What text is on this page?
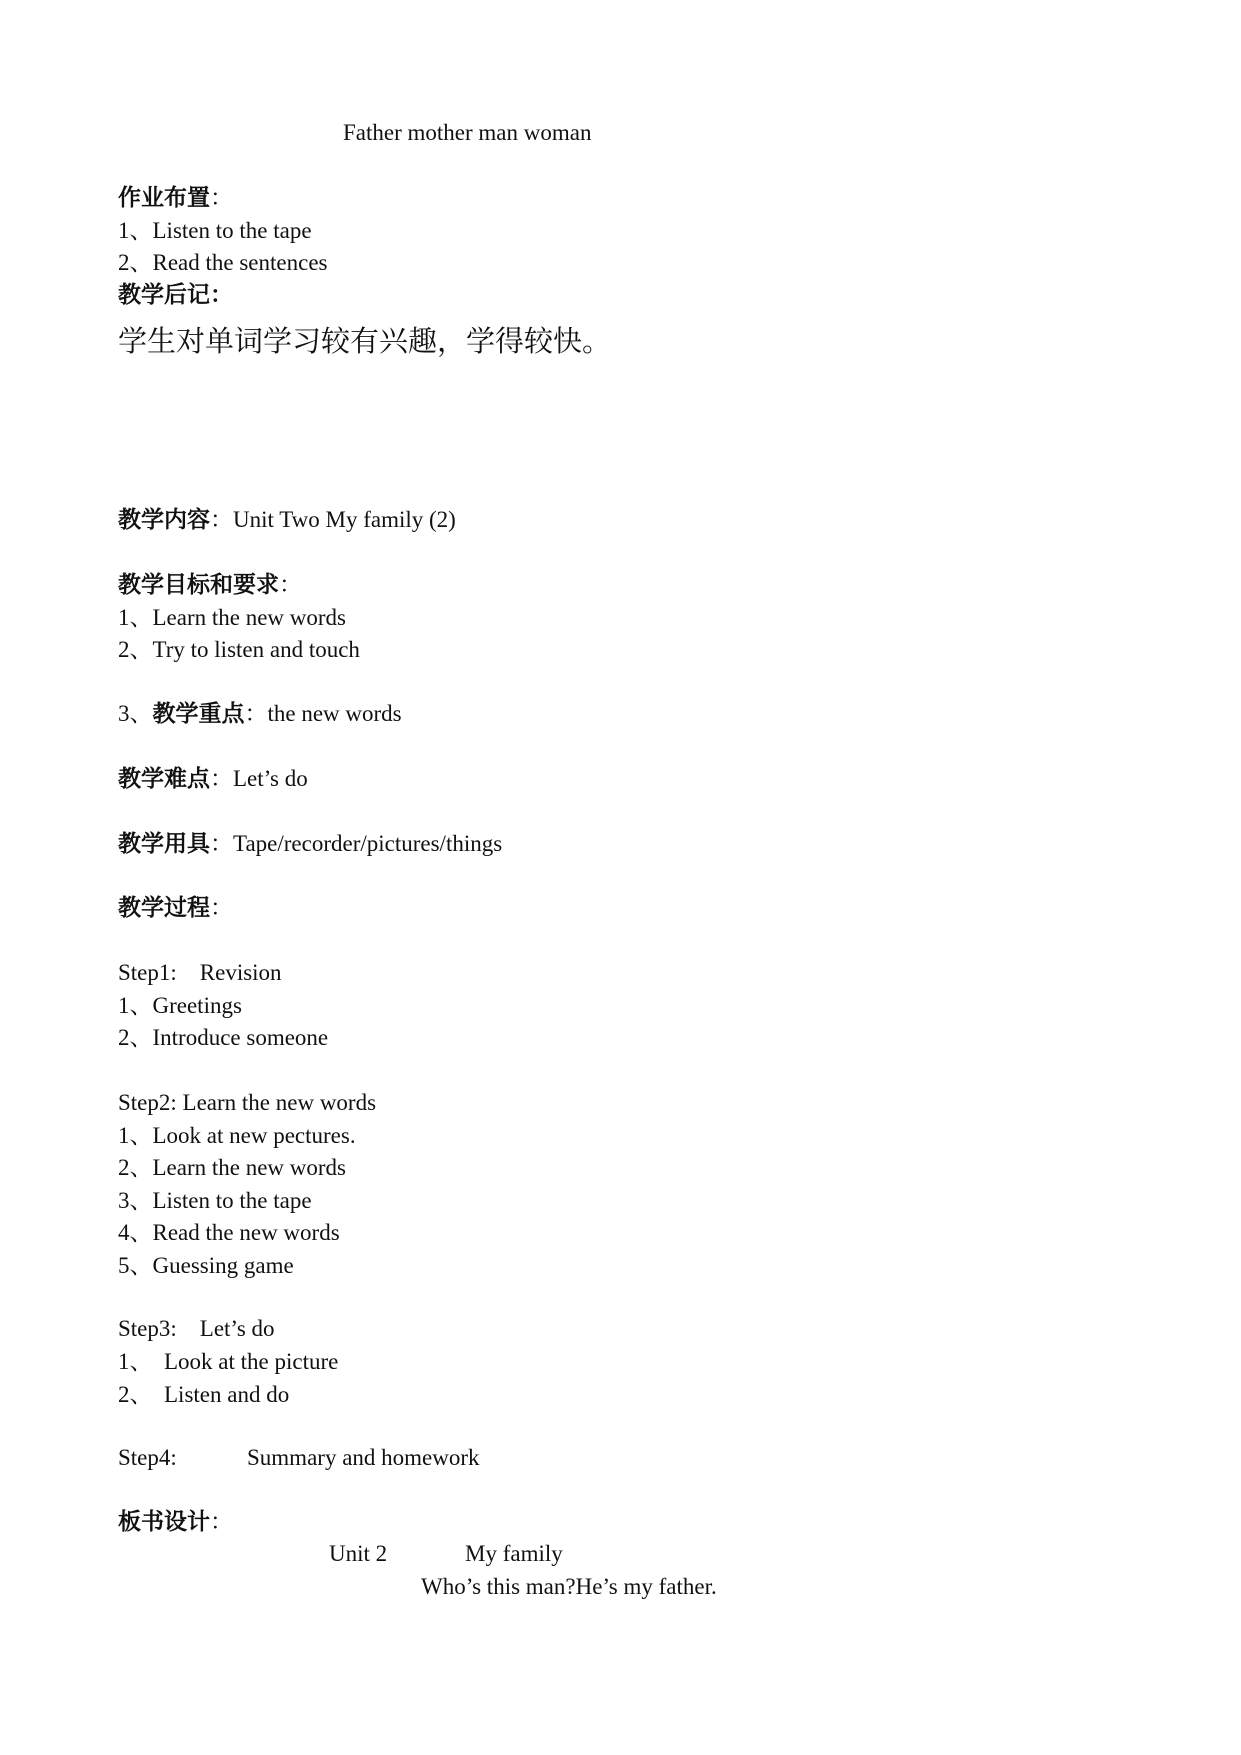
Father mother man woman
作业布置：
1、Listen to the tape
2、Read the sentences
教学后记：
学生对单词学习较有兴趣，学得较快。
教学内容：Unit Two My family (2)
教学目标和要求：
1、Learn the new words
2、Try to listen and touch
3、教学重点：the new words
教学难点：Let’s do
教学用具：Tape/recorder/pictures/things
教学过程：
Step1:    Revision
1、Greetings
2、Introduce someone
Step2: Learn the new words
1、Look at new pectures.
2、Learn the new words
3、Listen to the tape
4、Read the new words
5、Guessing game
Step3:    Let’s do
1、  Look at the picture
2、  Listen and do
Step4:	Summary and homework
板书设计：
Unit 2	My family
Who’s this man?He’s my father.
